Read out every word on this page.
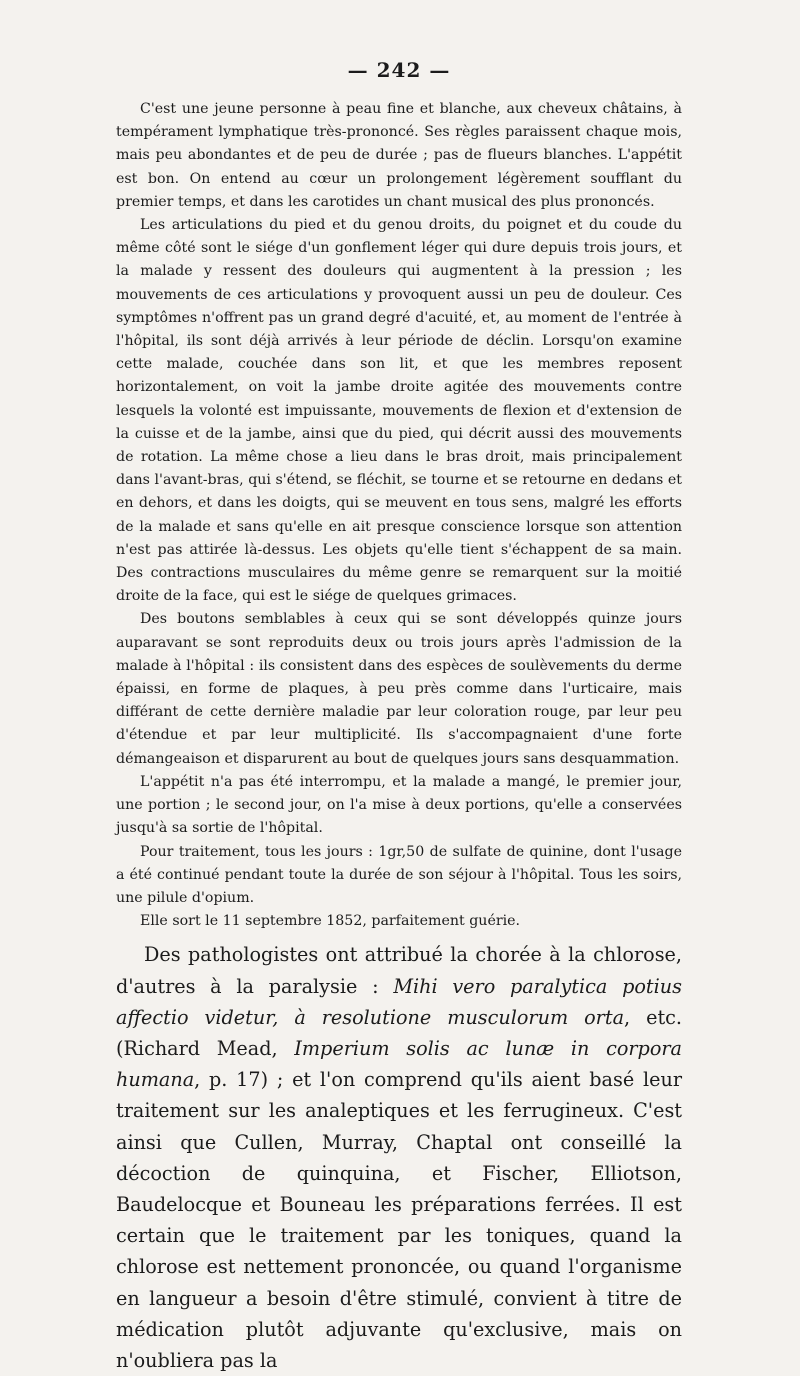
— 242 —

C'est une jeune personne à peau fine et blanche, aux cheveux châtains, à tempérament lymphatique très-prononcé. Ses règles paraissent chaque mois, mais peu abondantes et de peu de durée ; pas de flueurs blanches. L'appétit est bon. On entend au cœur un prolongement légèrement soufflant du premier temps, et dans les carotides un chant musical des plus prononcés.

Les articulations du pied et du genou droits, du poignet et du coude du même côté sont le siége d'un gonflement léger qui dure depuis trois jours, et la malade y ressent des douleurs qui augmentent à la pression ; les mouvements de ces articulations y provoquent aussi un peu de douleur. Ces symptômes n'offrent pas un grand degré d'acuité, et, au moment de l'entrée à l'hôpital, ils sont déjà arrivés à leur période de déclin. Lorsqu'on examine cette malade, couchée dans son lit, et que les membres reposent horizontalement, on voit la jambe droite agitée des mouvements contre lesquels la volonté est impuissante, mouvements de flexion et d'extension de la cuisse et de la jambe, ainsi que du pied, qui décrit aussi des mouvements de rotation. La même chose a lieu dans le bras droit, mais principalement dans l'avant-bras, qui s'étend, se fléchit, se tourne et se retourne en dedans et en dehors, et dans les doigts, qui se meuvent en tous sens, malgré les efforts de la malade et sans qu'elle en ait presque conscience lorsque son attention n'est pas attirée là-dessus. Les objets qu'elle tient s'échappent de sa main. Des contractions musculaires du même genre se remarquent sur la moitié droite de la face, qui est le siége de quelques grimaces.

Des boutons semblables à ceux qui se sont développés quinze jours auparavant se sont reproduits deux ou trois jours après l'admission de la malade à l'hôpital : ils consistent dans des espèces de soulèvements du derme épaissi, en forme de plaques, à peu près comme dans l'urticaire, mais différant de cette dernière maladie par leur coloration rouge, par leur peu d'étendue et par leur multiplicité. Ils s'accompagnaient d'une forte démangeaison et disparurent au bout de quelques jours sans desquammation.

L'appétit n'a pas été interrompu, et la malade a mangé, le premier jour, une portion ; le second jour, on l'a mise à deux portions, qu'elle a conservées jusqu'à sa sortie de l'hôpital.

Pour traitement, tous les jours : 1gr,50 de sulfate de quinine, dont l'usage a été continué pendant toute la durée de son séjour à l'hôpital. Tous les soirs, une pilule d'opium.

Elle sort le 11 septembre 1852, parfaitement guérie.

Des pathologistes ont attribué la chorée à la chlorose, d'autres à la paralysie : Mihi vero paralytica potius affectio videtur, à resolutione musculorum orta, etc. (Richard Mead, Imperium solis ac lunæ in corpora humana, p. 17) ; et l'on comprend qu'ils aient basé leur traitement sur les analeptiques et les ferrugineux. C'est ainsi que Cullen, Murray, Chaptal ont conseillé la décoction de quinquina, et Fischer, Elliotson, Baudelocque et Bouneau les préparations ferrées. Il est certain que le traitement par les toniques, quand la chlorose est nettement prononcée, ou quand l'organisme en langueur a besoin d'être stimulé, convient à titre de médication plutôt adjuvante qu'exclusive, mais on n'oubliera pas la
